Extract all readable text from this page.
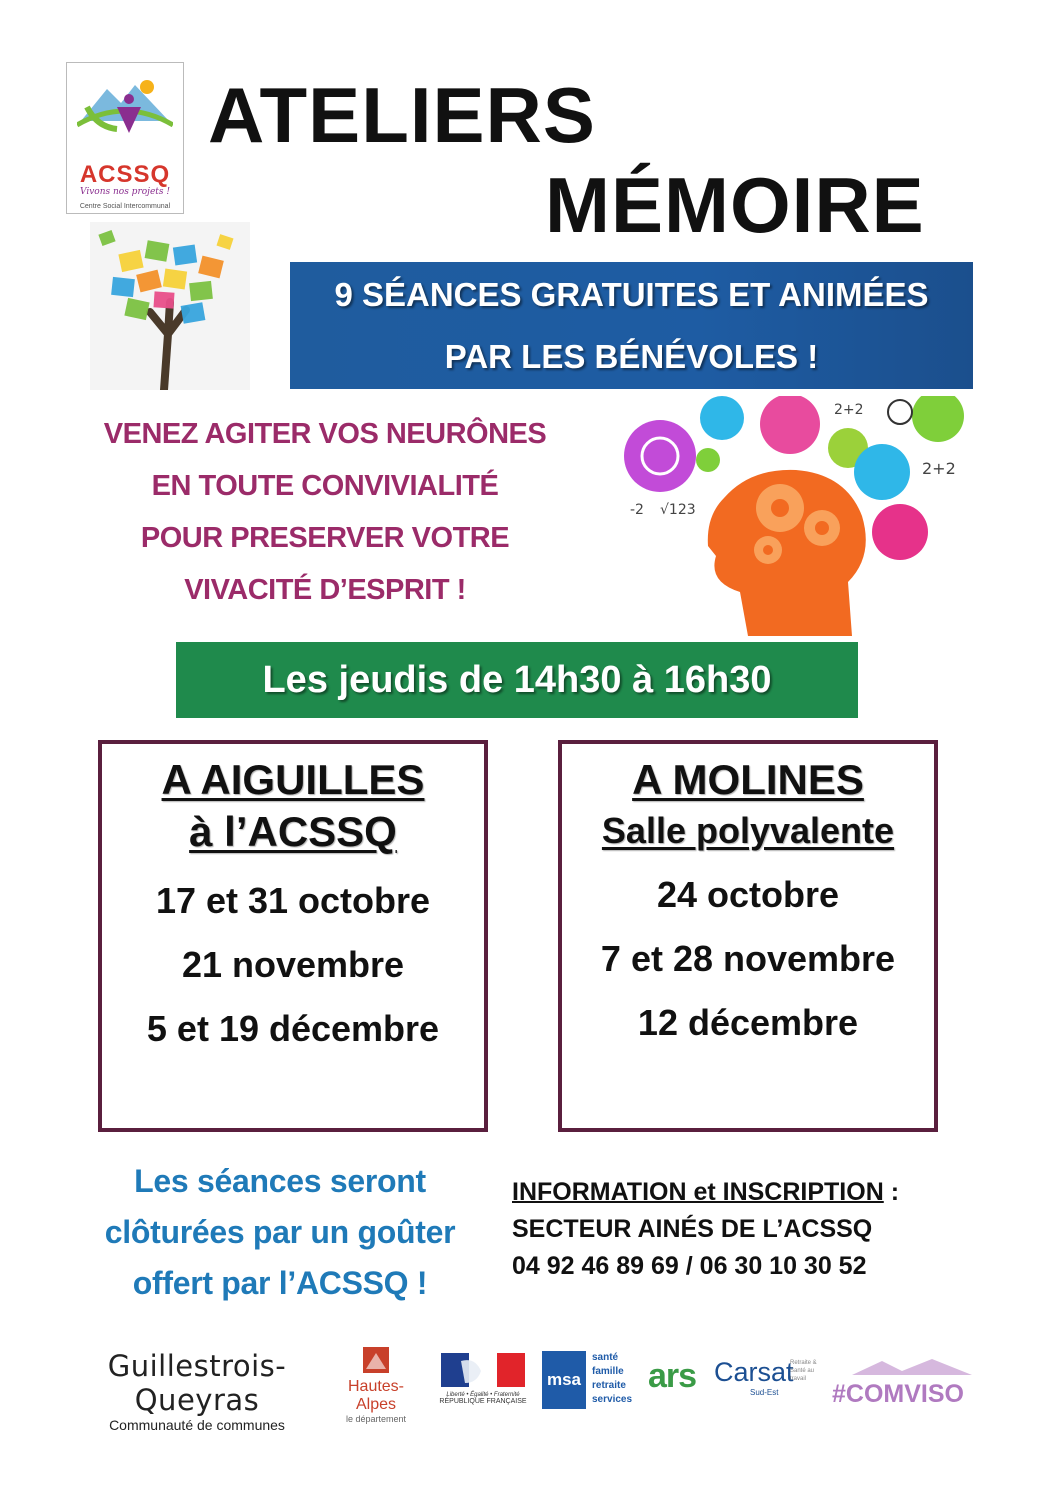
ACSSQ
Vivons nos projets !
Centre Social Intercommunal
ATELIERS
MÉMOIRE
9 SÉANCES GRATUITES ET ANIMÉES
PAR LES BÉNÉVOLES !
VENEZ AGITER VOS NEURÔNES
EN TOUTE CONVIVIALITÉ
POUR PRESERVER VOTRE
VIVACITÉ D’ESPRIT !
2+2
2+2
√123
-2
Les jeudis de 14h30 à 16h30
A AIGUILLES
à l’ACSSQ
17 et 31 octobre
21 novembre
5 et 19 décembre
A MOLINES
Salle polyvalente
24 octobre
7 et 28 novembre
12 décembre
Les séances seront
clôturées par un goûter
offert par l’ACSSQ !
INFORMATION et INSCRIPTION :
SECTEUR AINÉS DE L’ACSSQ
04 92 46 89 69 / 06 30 10 30 52
Guillestrois-Queyras
Communauté de communes
Hautes-Alpes
le département
Liberté • Égalité • Fraternité
RÉPUBLIQUE FRANÇAISE
msa
santé
famille
retraite
services
ars Carsat
Sud-Est
Retraite & Santé au travail
#COMVISO
